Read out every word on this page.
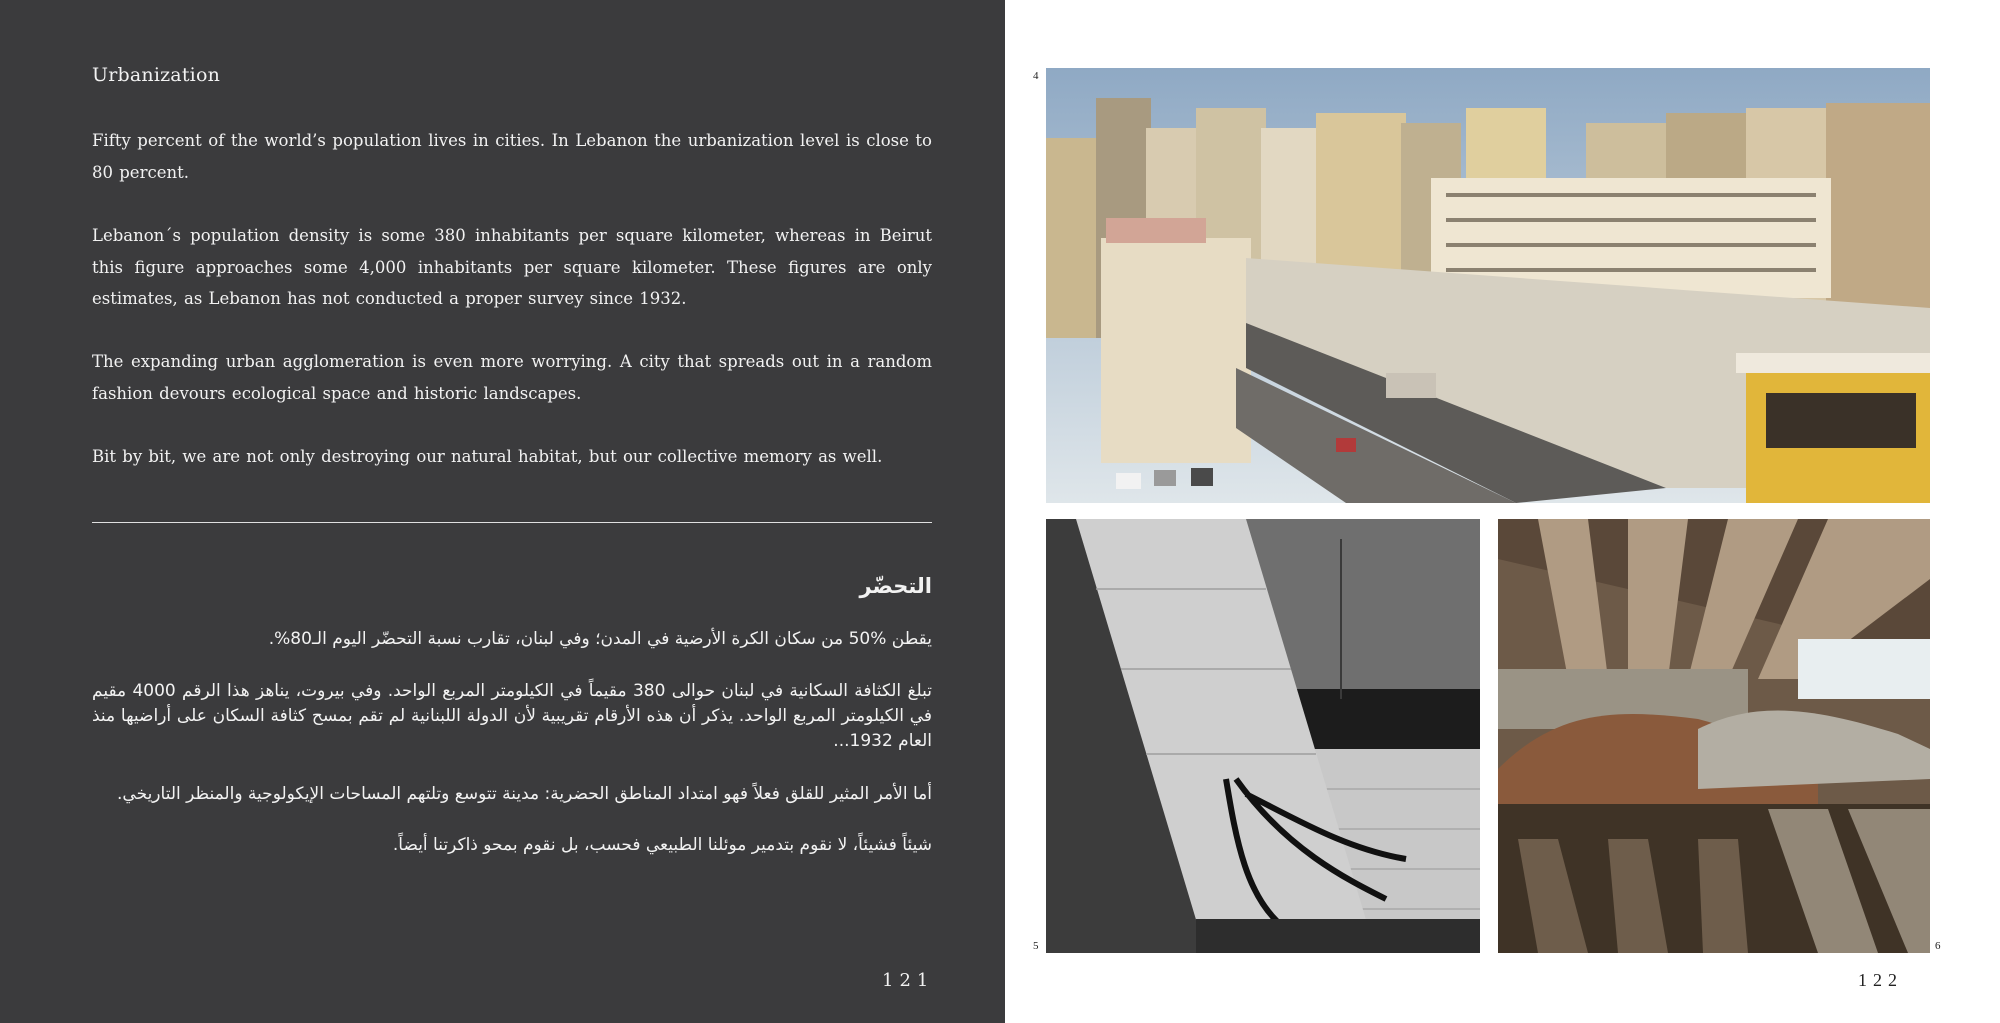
Urbanization
Fifty percent of the world’s population lives in cities. In Lebanon the urbanization level is close to 80 percent.
Lebanon´s population density is some 380 inhabitants per square kilometer, whereas in Beirut this figure approaches some 4,000 inhabitants per square kilometer. These figures are only estimates, as Lebanon has not conducted a proper survey since 1932.
The expanding urban agglomeration is even more worrying. A city that spreads out in a random fashion devours ecological space and historic landscapes.
Bit by bit, we are not only destroying our natural habitat, but our collective memory as well.
التحضّر
يقطن %50 من سكان الكرة الأرضية في المدن؛ وفي لبنان، تقارب نسبة التحضّر اليوم الـ80%.
تبلغ الكثافة السكانية في لبنان حوالى 380 مقيماً في الكيلومتر المربع الواحد. وفي بيروت، يناهز هذا الرقم 4000 مقيم في الكيلومتر المربع الواحد. يذكر أن هذه الأرقام تقريبية لأن الدولة اللبنانية لم تقم بمسح كثافة السكان على أراضيها منذ العام 1932...
أما الأمر المثير للقلق فعلاً فهو امتداد المناطق الحضرية: مدينة تتوسع وتلتهم المساحات الإيكولوجية والمنظر التاريخي.
شيئاً فشيئاً، لا نقوم بتدمير موئلنا الطبيعي فحسب، بل نقوم بمحو ذاكرتنا أيضاً.
121
4
5	6
122
